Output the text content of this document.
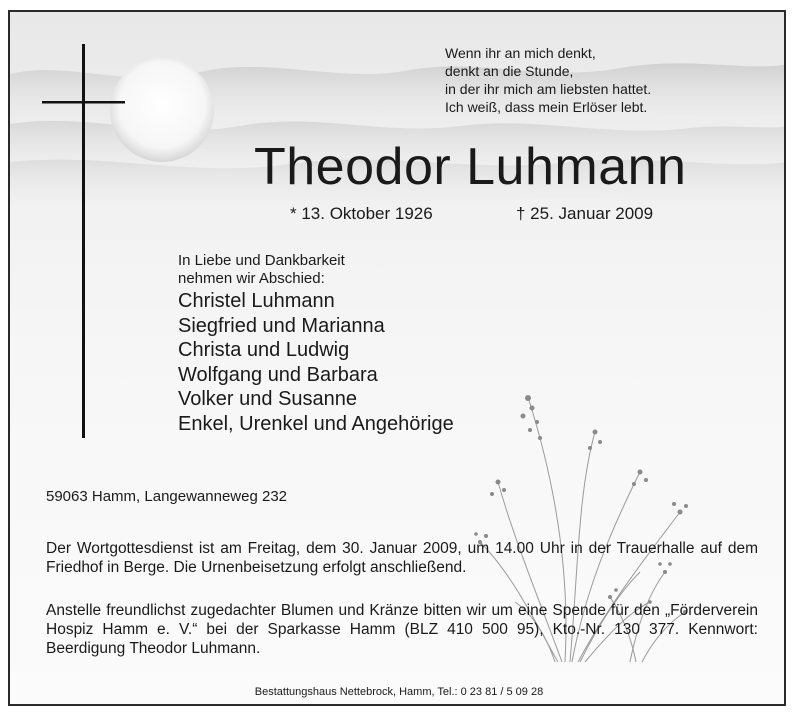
Wenn ihr an mich denkt,
denkt an die Stunde,
in der ihr mich am liebsten hattet.
Ich weiß, dass mein Erlöser lebt.
Theodor Luhmann
* 13. Oktober 1926	† 25. Januar 2009
In Liebe und Dankbarkeit
nehmen wir Abschied:
Christel Luhmann
Siegfried und Marianna
Christa und Ludwig
Wolfgang und Barbara
Volker und Susanne
Enkel, Urenkel und Angehörige
59063 Hamm, Langewanneweg 232
Der Wortgottesdienst ist am Freitag, dem 30. Januar 2009, um 14.00 Uhr in der Trauerhalle auf dem Friedhof in Berge. Die Urnenbeisetzung erfolgt anschließend.
Anstelle freundlichst zugedachter Blumen und Kränze bitten wir um eine Spende für den „Förderverein Hospiz Hamm e. V.“ bei der Sparkasse Hamm (BLZ 410 500 95), Kto.-Nr. 130 377. Kennwort: Beerdigung Theodor Luhmann.
Bestattungshaus Nettebrock, Hamm, Tel.: 0 23 81 / 5 09 28
